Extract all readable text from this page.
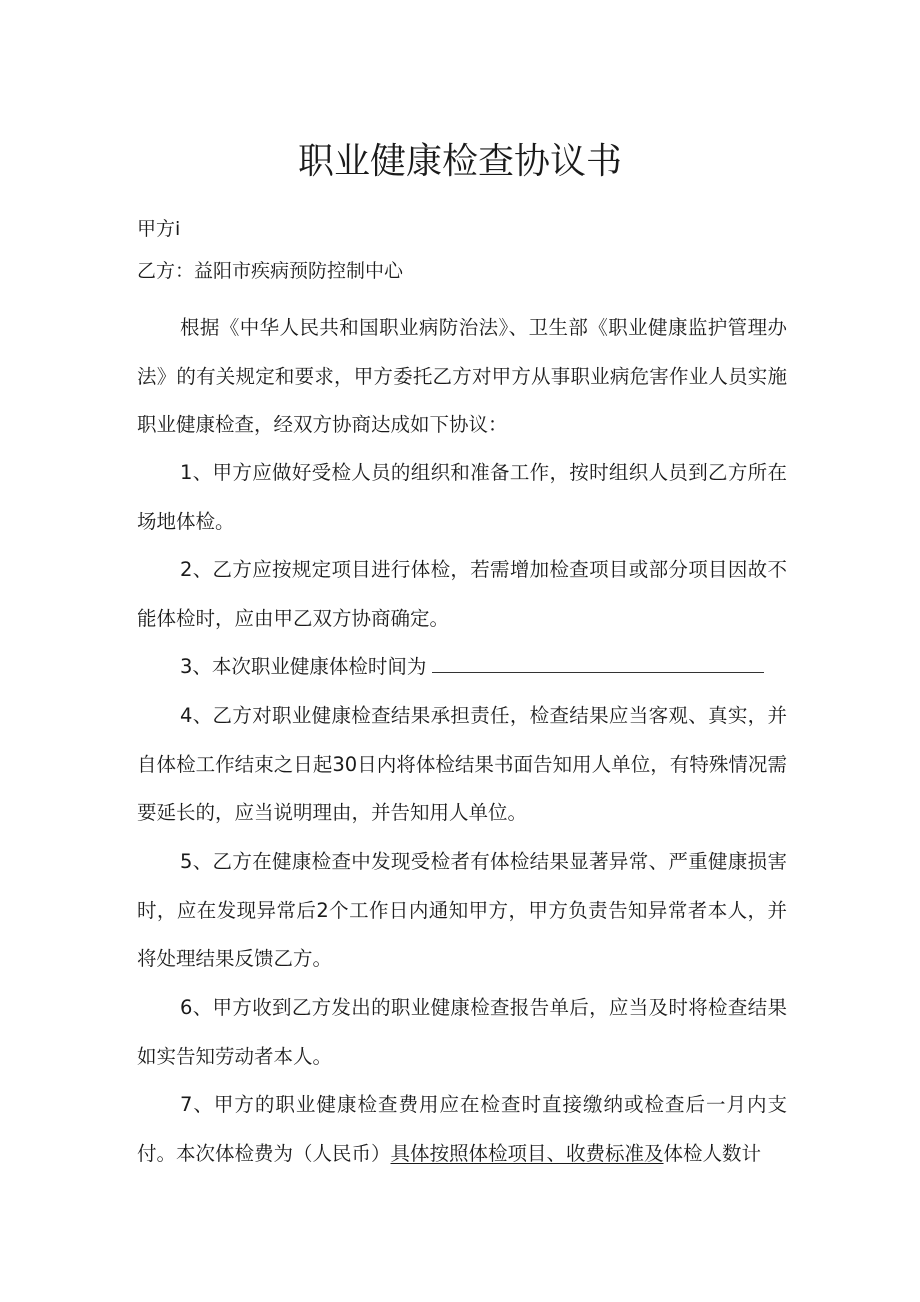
职业健康检查协议书
甲方i
乙方：益阳市疾病预防控制中心

根据《中华人民共和国职业病防治法》、卫生部《职业健康监护管理办法》的有关规定和要求，甲方委托乙方对甲方从事职业病危害作业人员实施职业健康检查，经双方协商达成如下协议：

1、甲方应做好受检人员的组织和准备工作，按时组织人员到乙方所在场地体检。

2、乙方应按规定项目进行体检，若需增加检查项目或部分项目因故不能体检时，应由甲乙双方协商确定。

3、本次职业健康体检时间为

4、乙方对职业健康检查结果承担责任，检查结果应当客观、真实，并自体检工作结束之日起30日内将体检结果书面告知用人单位，有特殊情况需要延长的，应当说明理由，并告知用人单位。

5、乙方在健康检查中发现受检者有体检结果显著异常、严重健康损害时，应在发现异常后2个工作日内通知甲方，甲方负责告知异常者本人，并将处理结果反馈乙方。

6、甲方收到乙方发出的职业健康检查报告单后，应当及时将检查结果如实告知劳动者本人。

7、甲方的职业健康检查费用应在检查时直接缴纳或检查后一月内支付。本次体检费为（人民币）具体按照体检项目、收费标准及体检人数计
